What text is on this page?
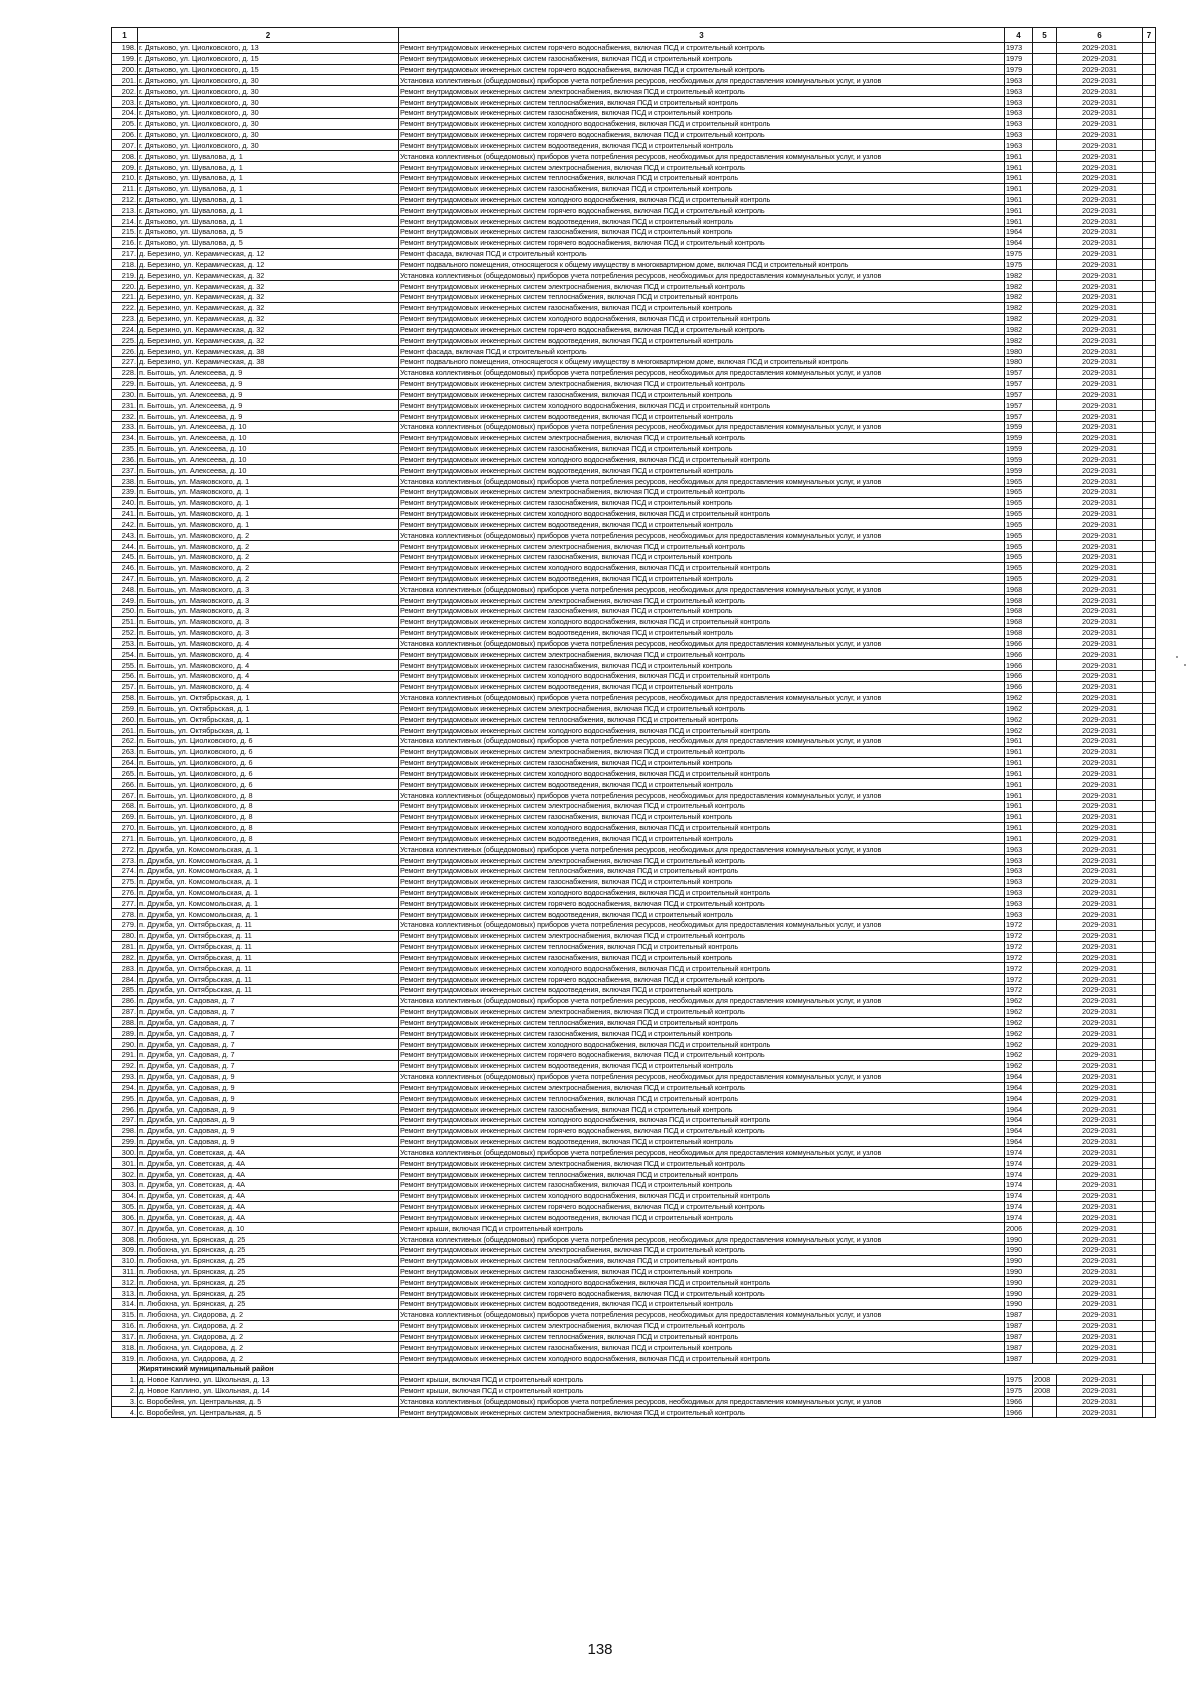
1	2	3	4	5	6	7
198.	г. Дятьково, ул. Циолковского, д. 13	Ремонт внутридомовых инженерных систем горячего водоснабжения, включая ПСД и строительный контроль	1973		2029-2031	
199.	г. Дятьково, ул. Циолковского, д. 15	Ремонт внутридомовых инженерных систем газоснабжения, включая ПСД и строительный контроль	1979		2029-2031	
200.	г. Дятьково, ул. Циолковского, д. 15	Ремонт внутридомовых инженерных систем горячего водоснабжения, включая ПСД и строительный контроль	1979		2029-2031	
201.	г. Дятьково, ул. Циолковского, д. 30	Установка коллективных (общедомовых) приборов учета потребления ресурсов, необходимых для предоставления коммунальных услуг, и узлов	1963		2029-2031	
202.	г. Дятьково, ул. Циолковского, д. 30	Ремонт внутридомовых инженерных систем электроснабжения, включая ПСД и строительный контроль	1963		2029-2031	
203.	г. Дятьково, ул. Циолковского, д. 30	Ремонт внутридомовых инженерных систем теплоснабжения, включая ПСД и строительный контроль	1963		2029-2031	
204.	г. Дятьково, ул. Циолковского, д. 30	Ремонт внутридомовых инженерных систем газоснабжения, включая ПСД и строительный контроль	1963		2029-2031	
205.	г. Дятьково, ул. Циолковского, д. 30	Ремонт внутридомовых инженерных систем холодного водоснабжения, включая ПСД и строительный контроль	1963		2029-2031	
206.	г. Дятьково, ул. Циолковского, д. 30	Ремонт внутридомовых инженерных систем горячего водоснабжения, включая ПСД и строительный контроль	1963		2029-2031	
207.	г. Дятьково, ул. Циолковского, д. 30	Ремонт внутридомовых инженерных систем водоотведения, включая ПСД и строительный контроль	1963		2029-2031	
208.	г. Дятьково, ул. Шувалова, д. 1	Установка коллективных (общедомовых) приборов учета потребления ресурсов, необходимых для предоставления коммунальных услуг, и узлов	1961		2029-2031	
209.	г. Дятьково, ул. Шувалова, д. 1	Ремонт внутридомовых инженерных систем электроснабжения, включая ПСД и строительный контроль	1961		2029-2031	
210.	г. Дятьково, ул. Шувалова, д. 1	Ремонт внутридомовых инженерных систем теплоснабжения, включая ПСД и строительный контроль	1961		2029-2031	
211.	г. Дятьково, ул. Шувалова, д. 1	Ремонт внутридомовых инженерных систем газоснабжения, включая ПСД и строительный контроль	1961		2029-2031	
212.	г. Дятьково, ул. Шувалова, д. 1	Ремонт внутридомовых инженерных систем холодного водоснабжения, включая ПСД и строительный контроль	1961		2029-2031	
213.	г. Дятьково, ул. Шувалова, д. 1	Ремонт внутридомовых инженерных систем горячего водоснабжения, включая ПСД и строительный контроль	1961		2029-2031	
214.	г. Дятьково, ул. Шувалова, д. 1	Ремонт внутридомовых инженерных систем водоотведения, включая ПСД и строительный контроль	1961		2029-2031	
215.	г. Дятьково, ул. Шувалова, д. 5	Ремонт внутридомовых инженерных систем газоснабжения, включая ПСД и строительный контроль	1964		2029-2031	
216.	г. Дятьково, ул. Шувалова, д. 5	Ремонт внутридомовых инженерных систем горячего водоснабжения, включая ПСД и строительный контроль	1964		2029-2031	
217.	д. Березино, ул. Керамическая, д. 12	Ремонт фасада, включая ПСД и строительный контроль	1975		2029-2031	
218.	д. Березино, ул. Керамическая, д. 12	Ремонт подвального помещения, относящегося к общему имуществу в многоквартирном доме, включая ПСД и строительный контроль	1975		2029-2031	
219.	д. Березино, ул. Керамическая, д. 32	Установка коллективных (общедомовых) приборов учета потребления ресурсов, необходимых для предоставления коммунальных услуг, и узлов	1982		2029-2031	
220.	д. Березино, ул. Керамическая, д. 32	Ремонт внутридомовых инженерных систем электроснабжения, включая ПСД и строительный контроль	1982		2029-2031	
221.	д. Березино, ул. Керамическая, д. 32	Ремонт внутридомовых инженерных систем теплоснабжения, включая ПСД и строительный контроль	1982		2029-2031	
222.	д. Березино, ул. Керамическая, д. 32	Ремонт внутридомовых инженерных систем газоснабжения, включая ПСД и строительный контроль	1982		2029-2031	
223.	д. Березино, ул. Керамическая, д. 32	Ремонт внутридомовых инженерных систем холодного водоснабжения, включая ПСД и строительный контроль	1982		2029-2031	
224.	д. Березино, ул. Керамическая, д. 32	Ремонт внутридомовых инженерных систем горячего водоснабжения, включая ПСД и строительный контроль	1982		2029-2031	
225.	д. Березино, ул. Керамическая, д. 32	Ремонт внутридомовых инженерных систем водоотведения, включая ПСД и строительный контроль	1982		2029-2031	
226.	д. Березино, ул. Керамическая, д. 38	Ремонт фасада, включая ПСД и строительный контроль	1980		2029-2031	
227.	д. Березино, ул. Керамическая, д. 38	Ремонт подвального помещения, относящегося к общему имуществу в многоквартирном доме, включая ПСД и строительный контроль	1980		2029-2031	
228.	п. Бытошь, ул. Алексеева, д. 9	Установка коллективных (общедомовых) приборов учета потребления ресурсов, необходимых для предоставления коммунальных услуг, и узлов	1957		2029-2031	
229.	п. Бытошь, ул. Алексеева, д. 9	Ремонт внутридомовых инженерных систем электроснабжения, включая ПСД и строительный контроль	1957		2029-2031	
230.	п. Бытошь, ул. Алексеева, д. 9	Ремонт внутридомовых инженерных систем газоснабжения, включая ПСД и строительный контроль	1957		2029-2031	
231.	п. Бытошь, ул. Алексеева, д. 9	Ремонт внутридомовых инженерных систем холодного водоснабжения, включая ПСД и строительный контроль	1957		2029-2031	
232.	п. Бытошь, ул. Алексеева, д. 9	Ремонт внутридомовых инженерных систем водоотведения, включая ПСД и строительный контроль	1957		2029-2031	
233.	п. Бытошь, ул. Алексеева, д. 10	Установка коллективных (общедомовых) приборов учета потребления ресурсов, необходимых для предоставления коммунальных услуг, и узлов	1959		2029-2031	
234.	п. Бытошь, ул. Алексеева, д. 10	Ремонт внутридомовых инженерных систем электроснабжения, включая ПСД и строительный контроль	1959		2029-2031	
235.	п. Бытошь, ул. Алексеева, д. 10	Ремонт внутридомовых инженерных систем газоснабжения, включая ПСД и строительный контроль	1959		2029-2031	
236.	п. Бытошь, ул. Алексеева, д. 10	Ремонт внутридомовых инженерных систем холодного водоснабжения, включая ПСД и строительный контроль	1959		2029-2031	
237.	п. Бытошь, ул. Алексеева, д. 10	Ремонт внутридомовых инженерных систем водоотведения, включая ПСД и строительный контроль	1959		2029-2031	
238.	п. Бытошь, ул. Маяковского, д. 1	Установка коллективных (общедомовых) приборов учета потребления ресурсов, необходимых для предоставления коммунальных услуг, и узлов	1965		2029-2031	
239.	п. Бытошь, ул. Маяковского, д. 1	Ремонт внутридомовых инженерных систем электроснабжения, включая ПСД и строительный контроль	1965		2029-2031	
240.	п. Бытошь, ул. Маяковского, д. 1	Ремонт внутридомовых инженерных систем газоснабжения, включая ПСД и строительный контроль	1965		2029-2031	
241.	п. Бытошь, ул. Маяковского, д. 1	Ремонт внутридомовых инженерных систем холодного водоснабжения, включая ПСД и строительный контроль	1965		2029-2031	
242.	п. Бытошь, ул. Маяковского, д. 1	Ремонт внутридомовых инженерных систем водоотведения, включая ПСД и строительный контроль	1965		2029-2031	
243.	п. Бытошь, ул. Маяковского, д. 2	Установка коллективных (общедомовых) приборов учета потребления ресурсов, необходимых для предоставления коммунальных услуг, и узлов	1965		2029-2031	
244.	п. Бытошь, ул. Маяковского, д. 2	Ремонт внутридомовых инженерных систем электроснабжения, включая ПСД и строительный контроль	1965		2029-2031	
245.	п. Бытошь, ул. Маяковского, д. 2	Ремонт внутридомовых инженерных систем газоснабжения, включая ПСД и строительный контроль	1965		2029-2031	
246.	п. Бытошь, ул. Маяковского, д. 2	Ремонт внутридомовых инженерных систем холодного водоснабжения, включая ПСД и строительный контроль	1965		2029-2031	
247.	п. Бытошь, ул. Маяковского, д. 2	Ремонт внутридомовых инженерных систем водоотведения, включая ПСД и строительный контроль	1965		2029-2031	
248.	п. Бытошь, ул. Маяковского, д. 3	Установка коллективных (общедомовых) приборов учета потребления ресурсов, необходимых для предоставления коммунальных услуг, и узлов	1968		2029-2031	
249.	п. Бытошь, ул. Маяковского, д. 3	Ремонт внутридомовых инженерных систем электроснабжения, включая ПСД и строительный контроль	1968		2029-2031	
250.	п. Бытошь, ул. Маяковского, д. 3	Ремонт внутридомовых инженерных систем газоснабжения, включая ПСД и строительный контроль	1968		2029-2031	
251.	п. Бытошь, ул. Маяковского, д. 3	Ремонт внутридомовых инженерных систем холодного водоснабжения, включая ПСД и строительный контроль	1968		2029-2031	
252.	п. Бытошь, ул. Маяковского, д. 3	Ремонт внутридомовых инженерных систем водоотведения, включая ПСД и строительный контроль	1968		2029-2031	
253.	п. Бытошь, ул. Маяковского, д. 4	Установка коллективных (общедомовых) приборов учета потребления ресурсов, необходимых для предоставления коммунальных услуг, и узлов	1966		2029-2031	
254.	п. Бытошь, ул. Маяковского, д. 4	Ремонт внутридомовых инженерных систем электроснабжения, включая ПСД и строительный контроль	1966		2029-2031	
255.	п. Бытошь, ул. Маяковского, д. 4	Ремонт внутридомовых инженерных систем газоснабжения, включая ПСД и строительный контроль	1966		2029-2031	
256.	п. Бытошь, ул. Маяковского, д. 4	Ремонт внутридомовых инженерных систем холодного водоснабжения, включая ПСД и строительный контроль	1966		2029-2031	
257.	п. Бытошь, ул. Маяковского, д. 4	Ремонт внутридомовых инженерных систем водоотведения, включая ПСД и строительный контроль	1966		2029-2031	
258.	п. Бытошь, ул. Октябрьская, д. 1	Установка коллективных (общедомовых) приборов учета потребления ресурсов, необходимых для предоставления коммунальных услуг, и узлов	1962		2029-2031	
259.	п. Бытошь, ул. Октябрьская, д. 1	Ремонт внутридомовых инженерных систем электроснабжения, включая ПСД и строительный контроль	1962		2029-2031	
260.	п. Бытошь, ул. Октябрьская, д. 1	Ремонт внутридомовых инженерных систем теплоснабжения, включая ПСД и строительный контроль	1962		2029-2031	
261.	п. Бытошь, ул. Октябрьская, д. 1	Ремонт внутридомовых инженерных систем холодного водоснабжения, включая ПСД и строительный контроль	1962		2029-2031	
262.	п. Бытошь, ул. Циолковского, д. 6	Установка коллективных (общедомовых) приборов учета потребления ресурсов, необходимых для предоставления коммунальных услуг, и узлов	1961		2029-2031	
263.	п. Бытошь, ул. Циолковского, д. 6	Ремонт внутридомовых инженерных систем электроснабжения, включая ПСД и строительный контроль	1961		2029-2031	
264.	п. Бытошь, ул. Циолковского, д. 6	Ремонт внутридомовых инженерных систем газоснабжения, включая ПСД и строительный контроль	1961		2029-2031	
265.	п. Бытошь, ул. Циолковского, д. 6	Ремонт внутридомовых инженерных систем холодного водоснабжения, включая ПСД и строительный контроль	1961		2029-2031	
266.	п. Бытошь, ул. Циолковского, д. 6	Ремонт внутридомовых инженерных систем водоотведения, включая ПСД и строительный контроль	1961		2029-2031	
267.	п. Бытошь, ул. Циолковского, д. 8	Установка коллективных (общедомовых) приборов учета потребления ресурсов, необходимых для предоставления коммунальных услуг, и узлов	1961		2029-2031	
268.	п. Бытошь, ул. Циолковского, д. 8	Ремонт внутридомовых инженерных систем электроснабжения, включая ПСД и строительный контроль	1961		2029-2031	
269.	п. Бытошь, ул. Циолковского, д. 8	Ремонт внутридомовых инженерных систем газоснабжения, включая ПСД и строительный контроль	1961		2029-2031	
270.	п. Бытошь, ул. Циолковского, д. 8	Ремонт внутридомовых инженерных систем холодного водоснабжения, включая ПСД и строительный контроль	1961		2029-2031	
271.	п. Бытошь, ул. Циолковского, д. 8	Ремонт внутридомовых инженерных систем водоотведения, включая ПСД и строительный контроль	1961		2029-2031	
272.	п. Дружба, ул. Комсомольская, д. 1	Установка коллективных (общедомовых) приборов учета потребления ресурсов, необходимых для предоставления коммунальных услуг, и узлов	1963		2029-2031	
273.	п. Дружба, ул. Комсомольская, д. 1	Ремонт внутридомовых инженерных систем электроснабжения, включая ПСД и строительный контроль	1963		2029-2031	
274.	п. Дружба, ул. Комсомольская, д. 1	Ремонт внутридомовых инженерных систем теплоснабжения, включая ПСД и строительный контроль	1963		2029-2031	
275.	п. Дружба, ул. Комсомольская, д. 1	Ремонт внутридомовых инженерных систем газоснабжения, включая ПСД и строительный контроль	1963		2029-2031	
276.	п. Дружба, ул. Комсомольская, д. 1	Ремонт внутридомовых инженерных систем холодного водоснабжения, включая ПСД и строительный контроль	1963		2029-2031	
277.	п. Дружба, ул. Комсомольская, д. 1	Ремонт внутридомовых инженерных систем горячего водоснабжения, включая ПСД и строительный контроль	1963		2029-2031	
278.	п. Дружба, ул. Комсомольская, д. 1	Ремонт внутридомовых инженерных систем водоотведения, включая ПСД и строительный контроль	1963		2029-2031	
279.	п. Дружба, ул. Октябрьская, д. 11	Установка коллективных (общедомовых) приборов учета потребления ресурсов, необходимых для предоставления коммунальных услуг, и узлов	1972		2029-2031	
280.	п. Дружба, ул. Октябрьская, д. 11	Ремонт внутридомовых инженерных систем электроснабжения, включая ПСД и строительный контроль	1972		2029-2031	
281.	п. Дружба, ул. Октябрьская, д. 11	Ремонт внутридомовых инженерных систем теплоснабжения, включая ПСД и строительный контроль	1972		2029-2031	
282.	п. Дружба, ул. Октябрьская, д. 11	Ремонт внутридомовых инженерных систем газоснабжения, включая ПСД и строительный контроль	1972		2029-2031	
283.	п. Дружба, ул. Октябрьская, д. 11	Ремонт внутридомовых инженерных систем холодного водоснабжения, включая ПСД и строительный контроль	1972		2029-2031	
284.	п. Дружба, ул. Октябрьская, д. 11	Ремонт внутридомовых инженерных систем горячего водоснабжения, включая ПСД и строительный контроль	1972		2029-2031	
285.	п. Дружба, ул. Октябрьская, д. 11	Ремонт внутридомовых инженерных систем водоотведения, включая ПСД и строительный контроль	1972		2029-2031	
286.	п. Дружба, ул. Садовая, д. 7	Установка коллективных (общедомовых) приборов учета потребления ресурсов, необходимых для предоставления коммунальных услуг, и узлов	1962		2029-2031	
287.	п. Дружба, ул. Садовая, д. 7	Ремонт внутридомовых инженерных систем электроснабжения, включая ПСД и строительный контроль	1962		2029-2031	
288.	п. Дружба, ул. Садовая, д. 7	Ремонт внутридомовых инженерных систем теплоснабжения, включая ПСД и строительный контроль	1962		2029-2031	
289.	п. Дружба, ул. Садовая, д. 7	Ремонт внутридомовых инженерных систем газоснабжения, включая ПСД и строительный контроль	1962		2029-2031	
290.	п. Дружба, ул. Садовая, д. 7	Ремонт внутридомовых инженерных систем холодного водоснабжения, включая ПСД и строительный контроль	1962		2029-2031	
291.	п. Дружба, ул. Садовая, д. 7	Ремонт внутридомовых инженерных систем горячего водоснабжения, включая ПСД и строительный контроль	1962		2029-2031	
292.	п. Дружба, ул. Садовая, д. 7	Ремонт внутридомовых инженерных систем водоотведения, включая ПСД и строительный контроль	1962		2029-2031	
293.	п. Дружба, ул. Садовая, д. 9	Установка коллективных (общедомовых) приборов учета потребления ресурсов, необходимых для предоставления коммунальных услуг, и узлов	1964		2029-2031	
294.	п. Дружба, ул. Садовая, д. 9	Ремонт внутридомовых инженерных систем электроснабжения, включая ПСД и строительный контроль	1964		2029-2031	
295.	п. Дружба, ул. Садовая, д. 9	Ремонт внутридомовых инженерных систем теплоснабжения, включая ПСД и строительный контроль	1964		2029-2031	
296.	п. Дружба, ул. Садовая, д. 9	Ремонт внутридомовых инженерных систем газоснабжения, включая ПСД и строительный контроль	1964		2029-2031	
297.	п. Дружба, ул. Садовая, д. 9	Ремонт внутридомовых инженерных систем холодного водоснабжения, включая ПСД и строительный контроль	1964		2029-2031	
298.	п. Дружба, ул. Садовая, д. 9	Ремонт внутридомовых инженерных систем горячего водоснабжения, включая ПСД и строительный контроль	1964		2029-2031	
299.	п. Дружба, ул. Садовая, д. 9	Ремонт внутридомовых инженерных систем водоотведения, включая ПСД и строительный контроль	1964		2029-2031	
300.	п. Дружба, ул. Советская, д. 4А	Установка коллективных (общедомовых) приборов учета потребления ресурсов, необходимых для предоставления коммунальных услуг, и узлов	1974		2029-2031	
301.	п. Дружба, ул. Советская, д. 4А	Ремонт внутридомовых инженерных систем электроснабжения, включая ПСД и строительный контроль	1974		2029-2031	
302.	п. Дружба, ул. Советская, д. 4А	Ремонт внутридомовых инженерных систем теплоснабжения, включая ПСД и строительный контроль	1974		2029-2031	
303.	п. Дружба, ул. Советская, д. 4А	Ремонт внутридомовых инженерных систем газоснабжения, включая ПСД и строительный контроль	1974		2029-2031	
304.	п. Дружба, ул. Советская, д. 4А	Ремонт внутридомовых инженерных систем холодного водоснабжения, включая ПСД и строительный контроль	1974		2029-2031	
305.	п. Дружба, ул. Советская, д. 4А	Ремонт внутридомовых инженерных систем горячего водоснабжения, включая ПСД и строительный контроль	1974		2029-2031	
306.	п. Дружба, ул. Советская, д. 4А	Ремонт внутридомовых инженерных систем водоотведения, включая ПСД и строительный контроль	1974		2029-2031	
307.	п. Дружба, ул. Советская, д. 10	Ремонт крыши, включая ПСД и строительный контроль	2006		2029-2031	
308.	п. Любохна, ул. Брянская, д. 25	Установка коллективных (общедомовых) приборов учета потребления ресурсов, необходимых для предоставления коммунальных услуг, и узлов	1990		2029-2031	
309.	п. Любохна, ул. Брянская, д. 25	Ремонт внутридомовых инженерных систем электроснабжения, включая ПСД и строительный контроль	1990		2029-2031	
310.	п. Любохна, ул. Брянская, д. 25	Ремонт внутридомовых инженерных систем теплоснабжения, включая ПСД и строительный контроль	1990		2029-2031	
311.	п. Любохна, ул. Брянская, д. 25	Ремонт внутридомовых инженерных систем газоснабжения, включая ПСД и строительный контроль	1990		2029-2031	
312.	п. Любохна, ул. Брянская, д. 25	Ремонт внутридомовых инженерных систем холодного водоснабжения, включая ПСД и строительный контроль	1990		2029-2031	
313.	п. Любохна, ул. Брянская, д. 25	Ремонт внутридомовых инженерных систем горячего водоснабжения, включая ПСД и строительный контроль	1990		2029-2031	
314.	п. Любохна, ул. Брянская, д. 25	Ремонт внутридомовых инженерных систем водоотведения, включая ПСД и строительный контроль	1990		2029-2031	
315.	п. Любохна, ул. Сидорова, д. 2	Установка коллективных (общедомовых) приборов учета потребления ресурсов, необходимых для предоставления коммунальных услуг, и узлов	1987		2029-2031	
316.	п. Любохна, ул. Сидорова, д. 2	Ремонт внутридомовых инженерных систем электроснабжения, включая ПСД и строительный контроль	1987		2029-2031	
317.	п. Любохна, ул. Сидорова, д. 2	Ремонт внутридомовых инженерных систем теплоснабжения, включая ПСД и строительный контроль	1987		2029-2031	
318.	п. Любохна, ул. Сидорова, д. 2	Ремонт внутридомовых инженерных систем газоснабжения, включая ПСД и строительный контроль	1987		2029-2031	
319.	п. Любохна, ул. Сидорова, д. 2	Ремонт внутридомовых инженерных систем холодного водоснабжения, включая ПСД и строительный контроль	1987		2029-2031	
	Жирятинский муниципальный район					
1.	д. Новое Каплино, ул. Школьная, д. 13	Ремонт крыши, включая ПСД и строительный контроль	1975	2008	2029-2031	
2.	д. Новое Каплино, ул. Школьная, д. 14	Ремонт крыши, включая ПСД и строительный контроль	1975	2008	2029-2031	
3.	с. Воробейня, ул. Центральная, д. 5	Установка коллективных (общедомовых) приборов учета потребления ресурсов, необходимых для предоставления коммунальных услуг, и узлов	1966		2029-2031	
4.	с. Воробейня, ул. Центральная, д. 5	Ремонт внутридомовых инженерных систем электроснабжения, включая ПСД и строительный контроль	1966		2029-2031	
138
